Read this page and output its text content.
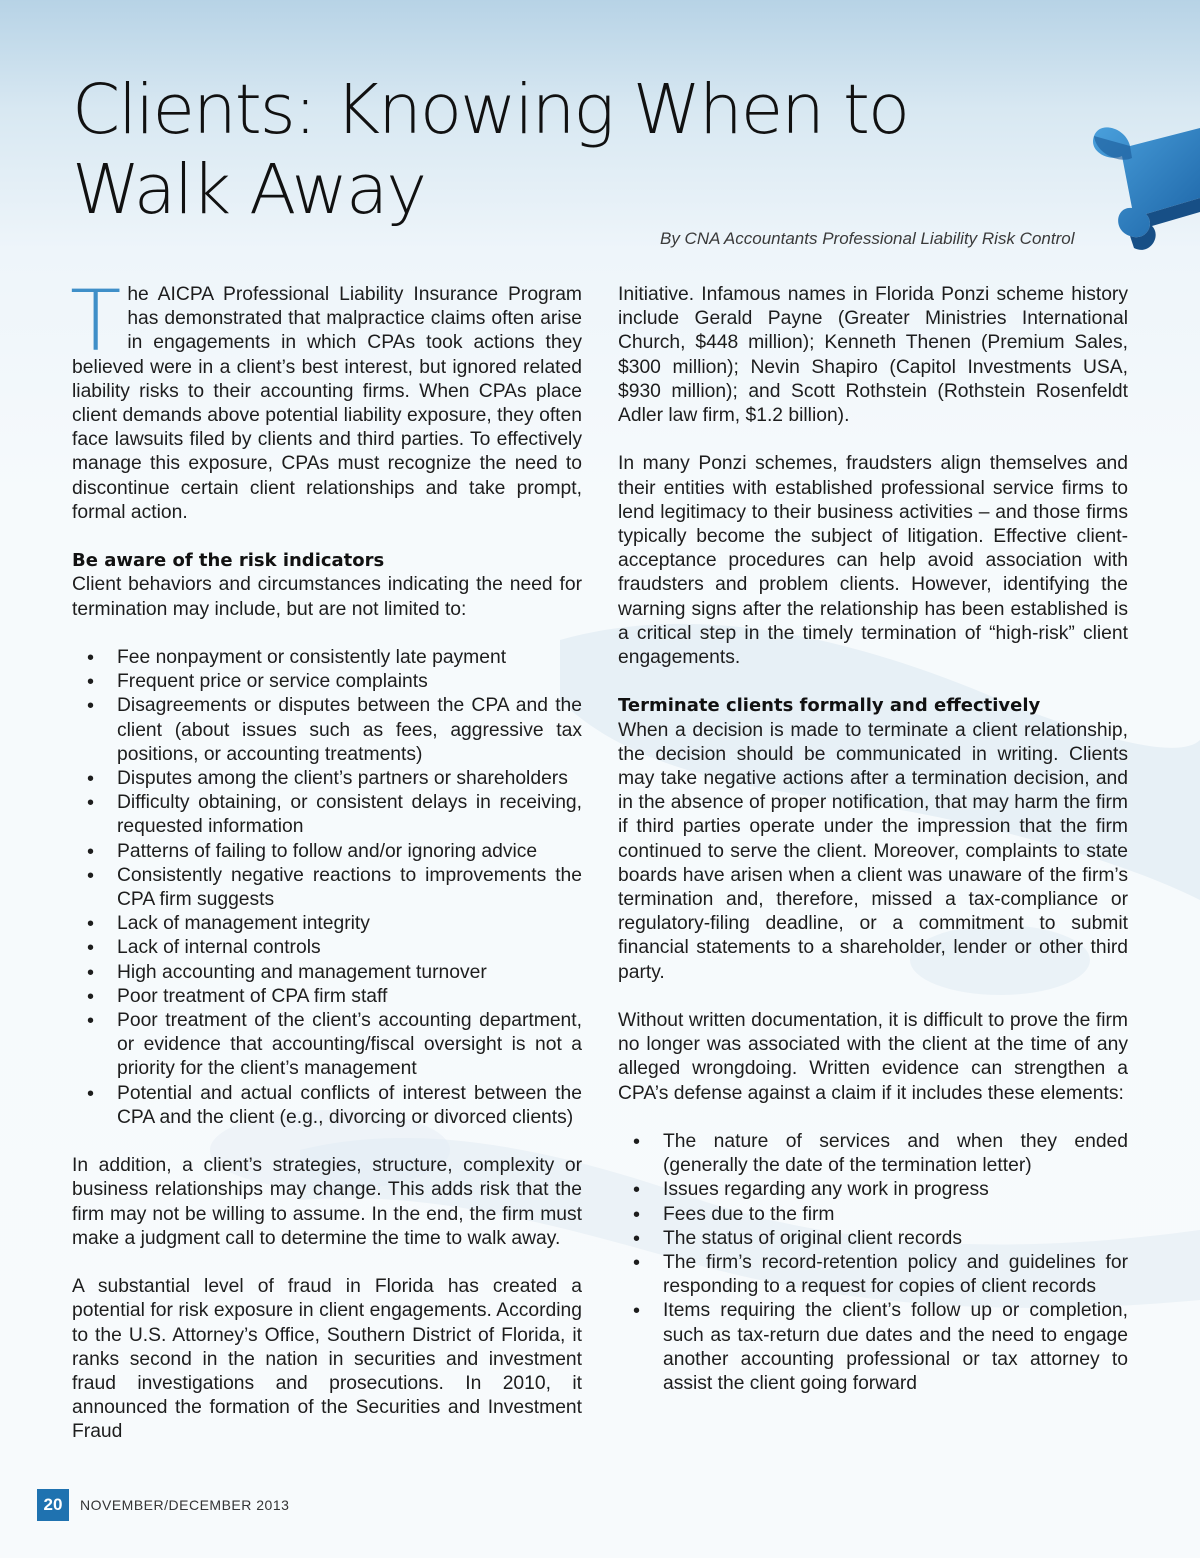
Clients: Knowing When to Walk Away
By CNA Accountants Professional Liability Risk Control

The AICPA Professional Liability Insurance Program has demonstrated that malpractice claims often arise in engagements in which CPAs took actions they believed were in a client’s best interest, but ignored related liability risks to their accounting firms. When CPAs place client demands above potential liability exposure, they often face lawsuits filed by clients and third parties. To effectively manage this exposure, CPAs must recognize the need to discontinue certain client relationships and take prompt, formal action.

Be aware of the risk indicators

Client behaviors and circumstances indicating the need for termination may include, but are not limited to:

• Fee nonpayment or consistently late payment
• Frequent price or service complaints
• Disagreements or disputes between the CPA and the client (about issues such as fees, aggressive tax positions, or accounting treatments)
• Disputes among the client’s partners or shareholders
• Difficulty obtaining, or consistent delays in receiving, requested information
• Patterns of failing to follow and/or ignoring advice
• Consistently negative reactions to improvements the CPA firm suggests
• Lack of management integrity
• Lack of internal controls
• High accounting and management turnover
• Poor treatment of CPA firm staff
• Poor treatment of the client’s accounting department, or evidence that accounting/fiscal oversight is not a priority for the client’s management
• Potential and actual conflicts of interest between the CPA and the client (e.g., divorcing or divorced clients)

In addition, a client’s strategies, structure, complexity or business relationships may change. This adds risk that the firm may not be willing to assume. In the end, the firm must make a judgment call to determine the time to walk away.

A substantial level of fraud in Florida has created a potential for risk exposure in client engagements. According to the U.S. Attorney’s Office, Southern District of Florida, it ranks second in the nation in securities and investment fraud investigations and prosecutions. In 2010, it announced the formation of the Securities and Investment Fraud

Initiative. Infamous names in Florida Ponzi scheme history include Gerald Payne (Greater Ministries International Church, $448 million); Kenneth Thenen (Premium Sales, $300 million); Nevin Shapiro (Capitol Investments USA, $930 million); and Scott Rothstein (Rothstein Rosenfeldt Adler law firm, $1.2 billion).

In many Ponzi schemes, fraudsters align themselves and their entities with established professional service firms to lend legitimacy to their business activities – and those firms typically become the subject of litigation. Effective client-acceptance procedures can help avoid association with fraudsters and problem clients. However, identifying the warning signs after the relationship has been established is a critical step in the timely termination of “high-risk” client engagements.

Terminate clients formally and effectively

When a decision is made to terminate a client relationship, the decision should be communicated in writing. Clients may take negative actions after a termination decision, and in the absence of proper notification, that may harm the firm if third parties operate under the impression that the firm continued to serve the client. Moreover, complaints to state boards have arisen when a client was unaware of the firm’s termination and, therefore, missed a tax-compliance or regulatory-filing deadline, or a commitment to submit financial statements to a shareholder, lender or other third party.

Without written documentation, it is difficult to prove the firm no longer was associated with the client at the time of any alleged wrongdoing. Written evidence can strengthen a CPA’s defense against a claim if it includes these elements:

• The nature of services and when they ended (generally the date of the termination letter)
• Issues regarding any work in progress
• Fees due to the firm
• The status of original client records
• The firm’s record-retention policy and guidelines for responding to a request for copies of client records
• Items requiring the client’s follow up or completion, such as tax-return due dates and the need to engage another accounting professional or tax attorney to assist the client going forward
20	NOVEMBER/DECEMBER 2013
